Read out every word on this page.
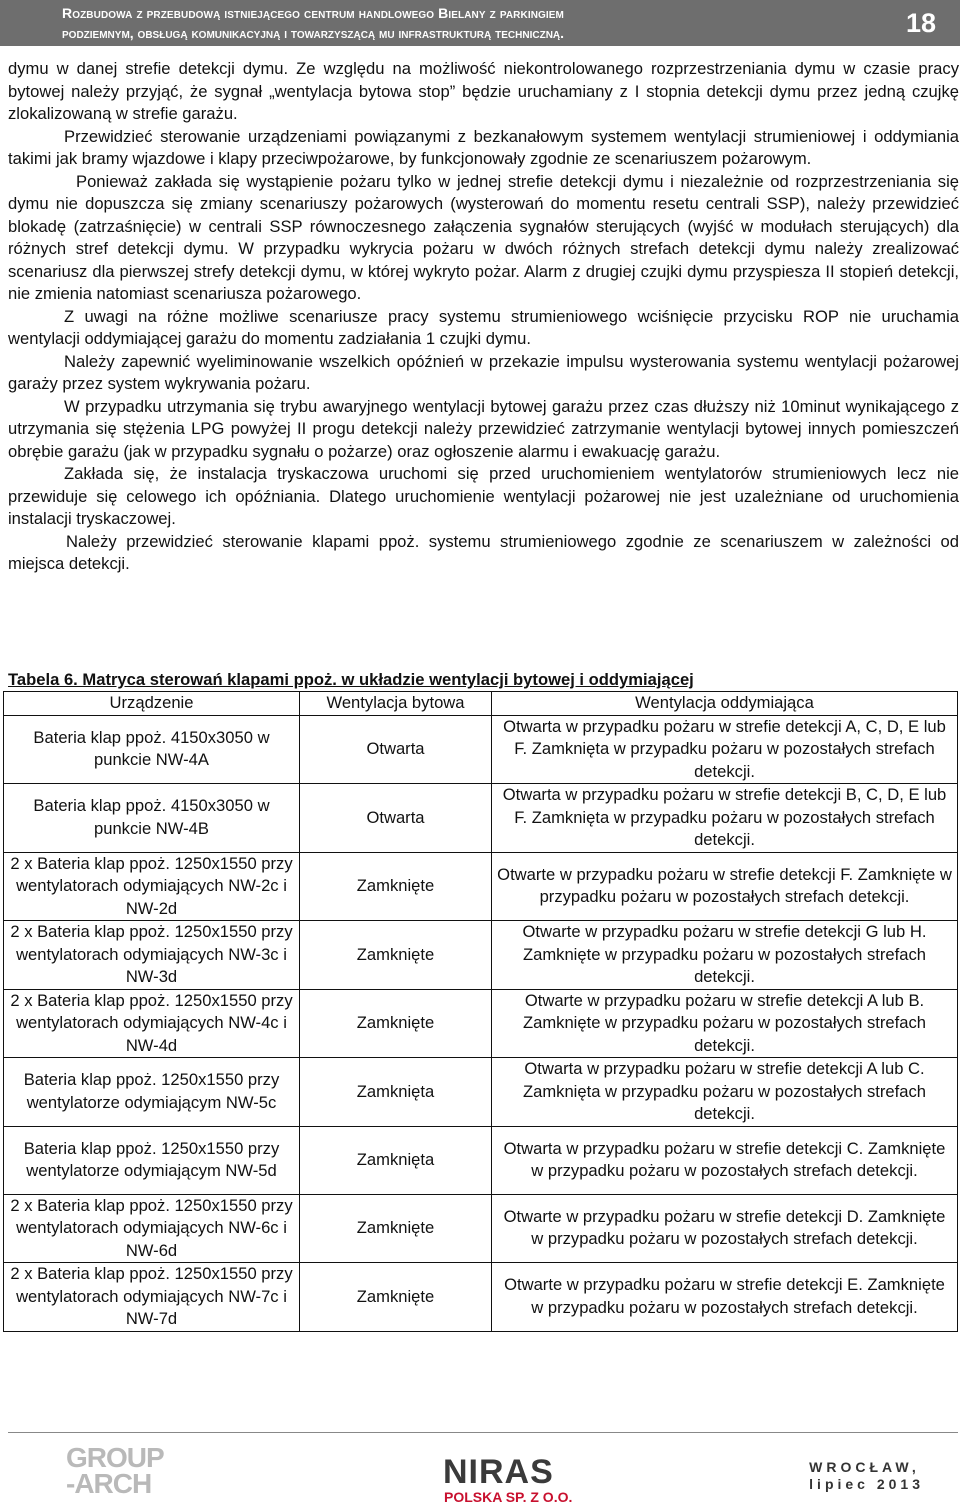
Rozbudowa z przebudową istniejącego centrum handlowego Bielany z parkingiem
podziemnym, obsługą komunikacyjną i towarzyszącą mu infrastrukturą techniczną.	18

dymu w danej strefie detekcji dymu. Ze względu na możliwość niekontrolowanego rozprzestrzeniania dymu w czasie pracy bytowej należy przyjąć, że sygnał „wentylacja bytowa stop” będzie uruchamiany z I stopnia detekcji dymu przez jedną czujkę zlokalizowaną w strefie garażu.

Przewidzieć sterowanie urządzeniami powiązanymi z bezkanałowym systemem wentylacji strumieniowej i oddymiania takimi jak bramy wjazdowe i klapy przeciwpożarowe, by funkcjonowały zgodnie ze scenariuszem pożarowym.

Ponieważ zakłada się wystąpienie pożaru tylko w jednej strefie detekcji dymu i niezależnie od rozprzestrzeniania się dymu nie dopuszcza się zmiany scenariuszy pożarowych (wysterowań do momentu resetu centrali SSP), należy przewidzieć blokadę (zatrzaśnięcie) w centrali SSP równoczesnego załączenia sygnałów sterujących (wyjść w modułach sterujących) dla różnych stref detekcji dymu. W przypadku wykrycia pożaru w dwóch różnych strefach detekcji dymu należy zrealizować scenariusz dla pierwszej strefy detekcji dymu, w której wykryto pożar. Alarm z drugiej czujki dymu przyspiesza II stopień detekcji, nie zmienia natomiast scenariusza pożarowego.

Z uwagi na różne możliwe scenariusze pracy systemu strumieniowego wciśnięcie przycisku ROP nie uruchamia wentylacji oddymiającej garażu do momentu zadziałania 1 czujki dymu.

Należy zapewnić wyeliminowanie wszelkich opóźnień w przekazie impulsu wysterowania systemu wentylacji pożarowej garaży przez system wykrywania pożaru.

W przypadku utrzymania się trybu awaryjnego wentylacji bytowej garażu przez czas dłuższy niż 10minut wynikającego z utrzymania się stężenia LPG powyżej II progu detekcji należy przewidzieć zatrzymanie wentylacji bytowej innych pomieszczeń obrębie garażu (jak w przypadku sygnału o pożarze) oraz ogłoszenie alarmu i ewakuację garażu.

Zakłada się, że instalacja tryskaczowa uruchomi się przed uruchomieniem wentylatorów strumieniowych lecz nie przewiduje się celowego ich opóźniania. Dlatego uruchomienie wentylacji pożarowej nie jest uzależniane od uruchomienia instalacji tryskaczowej.

Należy przewidzieć sterowanie klapami ppoż. systemu strumieniowego zgodnie ze scenariuszem w zależności od miejsca detekcji.

Tabela 6. Matryca sterowań klapami ppoż. w układzie wentylacji bytowej i oddymiającej
Urządzenie	Wentylacja bytowa	Wentylacja oddymiająca
Bateria klap ppoż. 4150x3050 w punkcie NW-4A	Otwarta	Otwarta w przypadku pożaru w strefie detekcji A, C, D, E lub F. Zamknięta w przypadku pożaru w pozostałych strefach detekcji.
Bateria klap ppoż. 4150x3050 w punkcie NW-4B	Otwarta	Otwarta w przypadku pożaru w strefie detekcji B, C, D, E lub F. Zamknięta w przypadku pożaru w pozostałych strefach detekcji.
2 x Bateria klap ppoż. 1250x1550 przy wentylatorach odymiających NW-2c i NW-2d	Zamknięte	Otwarte w przypadku pożaru w strefie detekcji F. Zamknięte w przypadku pożaru w pozostałych strefach detekcji.
2 x Bateria klap ppoż. 1250x1550 przy wentylatorach odymiających NW-3c i NW-3d	Zamknięte	Otwarte w przypadku pożaru w strefie detekcji G lub H. Zamknięte w przypadku pożaru w pozostałych strefach detekcji.
2 x Bateria klap ppoż. 1250x1550 przy wentylatorach odymiających NW-4c i NW-4d	Zamknięte	Otwarte w przypadku pożaru w strefie detekcji A lub B. Zamknięte w przypadku pożaru w pozostałych strefach detekcji.
Bateria klap ppoż. 1250x1550 przy wentylatorze odymiającym NW-5c	Zamknięta	Otwarta w przypadku pożaru w strefie detekcji A lub C. Zamknięta w przypadku pożaru w pozostałych strefach detekcji.
Bateria klap ppoż. 1250x1550 przy wentylatorze odymiającym NW-5d	Zamknięta	Otwarta w przypadku pożaru w strefie detekcji C. Zamknięte w przypadku pożaru w pozostałych strefach detekcji.
2 x Bateria klap ppoż. 1250x1550 przy wentylatorach odymiających NW-6c i NW-6d	Zamknięte	Otwarte w przypadku pożaru w strefie detekcji D. Zamknięte w przypadku pożaru w pozostałych strefach detekcji.
2 x Bateria klap ppoż. 1250x1550 przy wentylatorach odymiających NW-7c i NW-7d	Zamknięte	Otwarte w przypadku pożaru w strefie detekcji E. Zamknięte w przypadku pożaru w pozostałych strefach detekcji.
GROUP
-ARCH	NIRAS
POLSKA SP. Z O.O.
WROCŁAW,
lipiec 2013
